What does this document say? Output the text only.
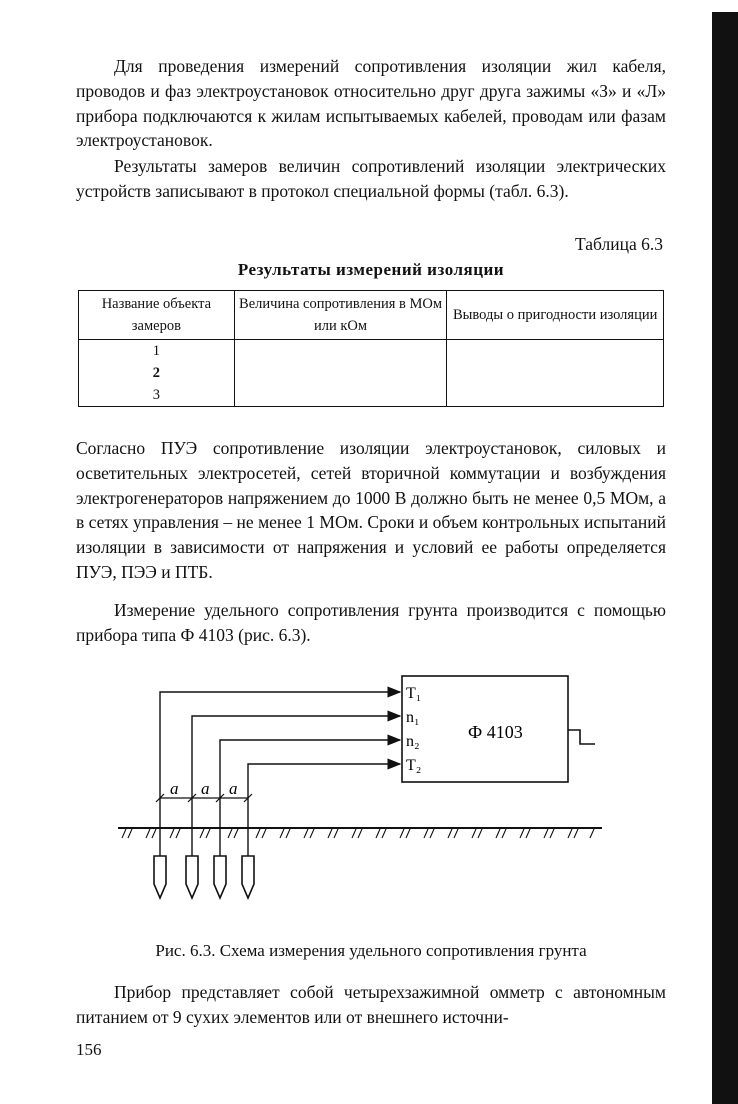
Для проведения измерений сопротивления изоляции жил кабеля, проводов и фаз электроустановок относительно друг друга зажимы «З» и «Л» прибора подключаются к жилам испытываемых кабелей, проводам или фазам электроустановок.

Результаты замеров величин сопротивлений изоляции электрических устройств записывают в протокол специальной формы (табл. 6.3).

Таблица 6.3

Результаты измерений изоляции

Название объекта замеров	Величина сопротивления в МОм или кОм	Выводы о пригодности изоляции

1
2
3		

Согласно ПУЭ сопротивление изоляции электроустановок, силовых и осветительных электросетей, сетей вторичной коммутации и возбуждения электрогенераторов напряжением до 1000 В должно быть не менее 0,5 МОм, а в сетях управления – не менее 1 МОм. Сроки и объем контрольных испытаний изоляции в зависимости от напряжения и условий ее работы определяется ПУЭ, ПЭЭ и ПТБ.

Измерение удельного сопротивления грунта производится с помощью прибора типа Ф 4103 (рис. 6.3).

T₁
n₁
n₂
T₂
Ф 4103
a a a

Рис. 6.3. Схема измерения удельного сопротивления грунта

Прибор представляет собой четырехзажимной омметр с автономным питанием от 9 сухих элементов или от внешнего источни-

156
